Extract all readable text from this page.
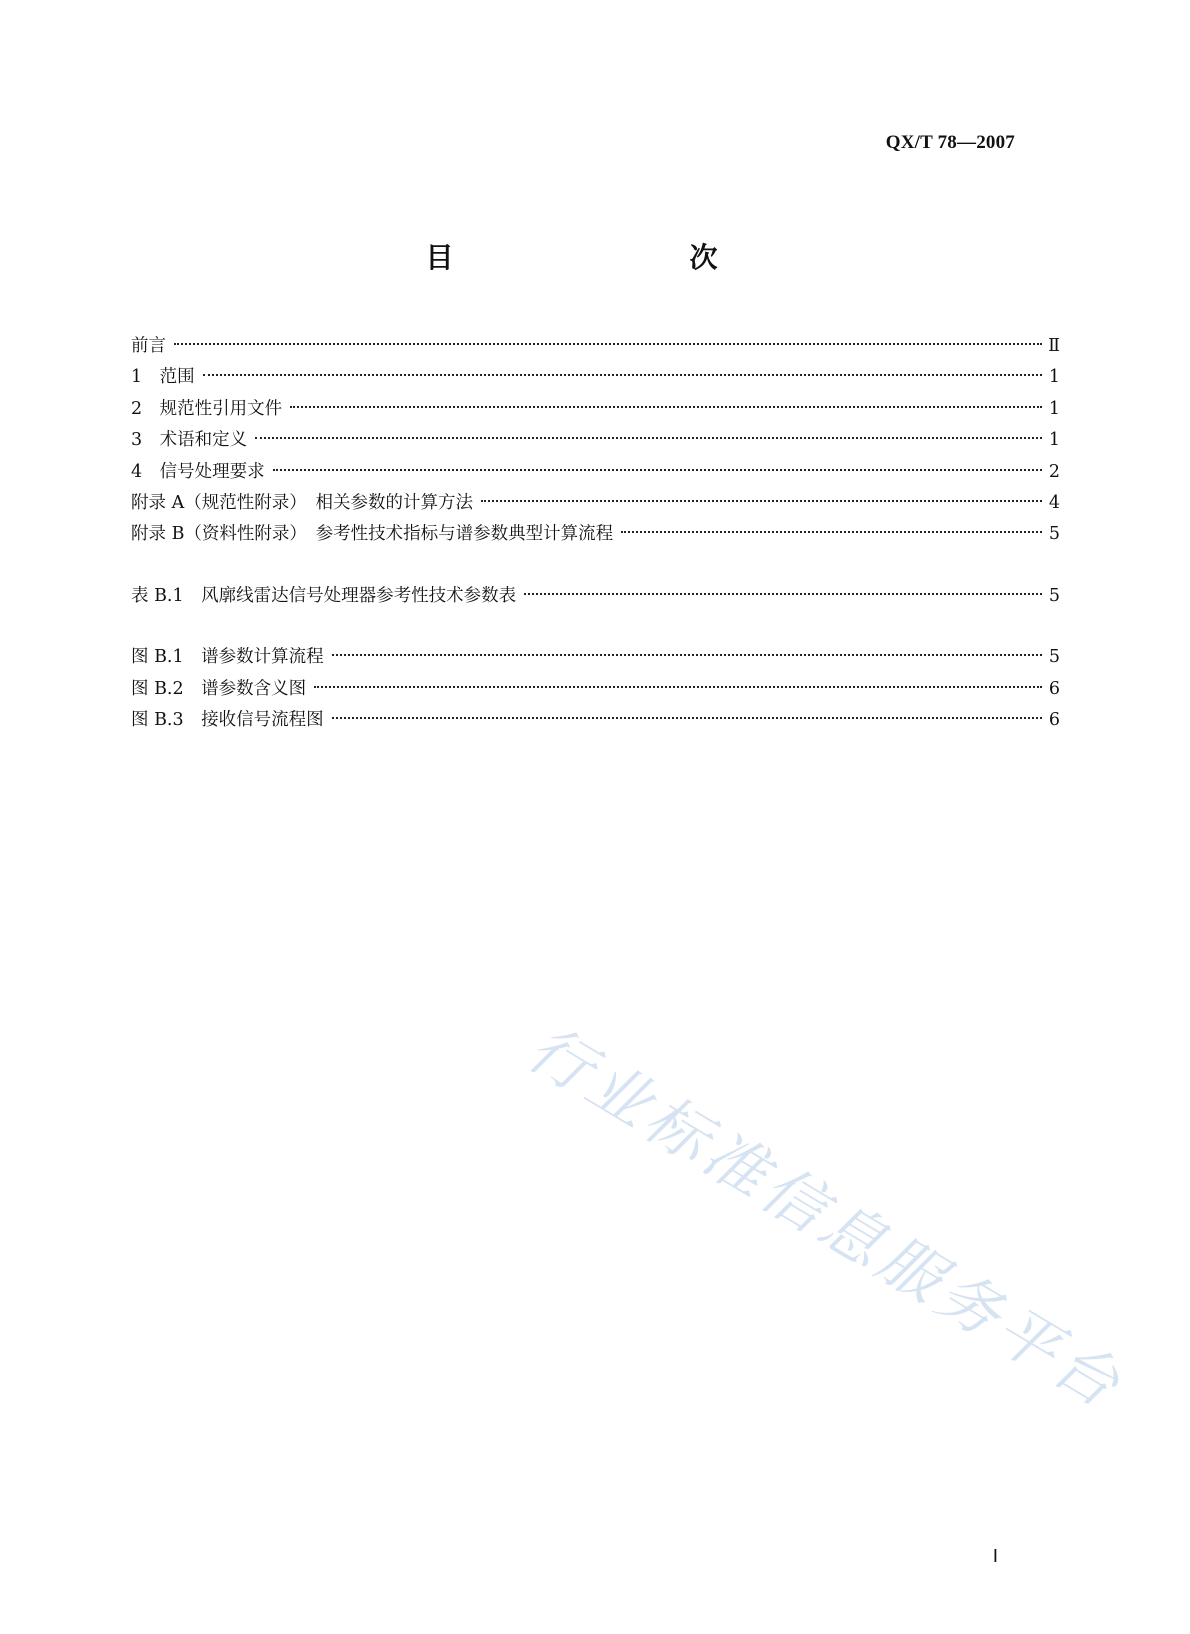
QX/T 78—2007
目　　次
前言	Ⅱ
1　范围	1
2　规范性引用文件	1
3　术语和定义	1
4　信号处理要求	2
附录 A（规范性附录）　相关参数的计算方法	4
附录 B（资料性附录）　参考性技术指标与谱参数典型计算流程	5
表 B.1　风廓线雷达信号处理器参考性技术参数表	5
图 B.1　谱参数计算流程	5
图 B.2　谱参数含义图	6
图 B.3　接收信号流程图	6
行业标准信息服务平台
Ⅰ
